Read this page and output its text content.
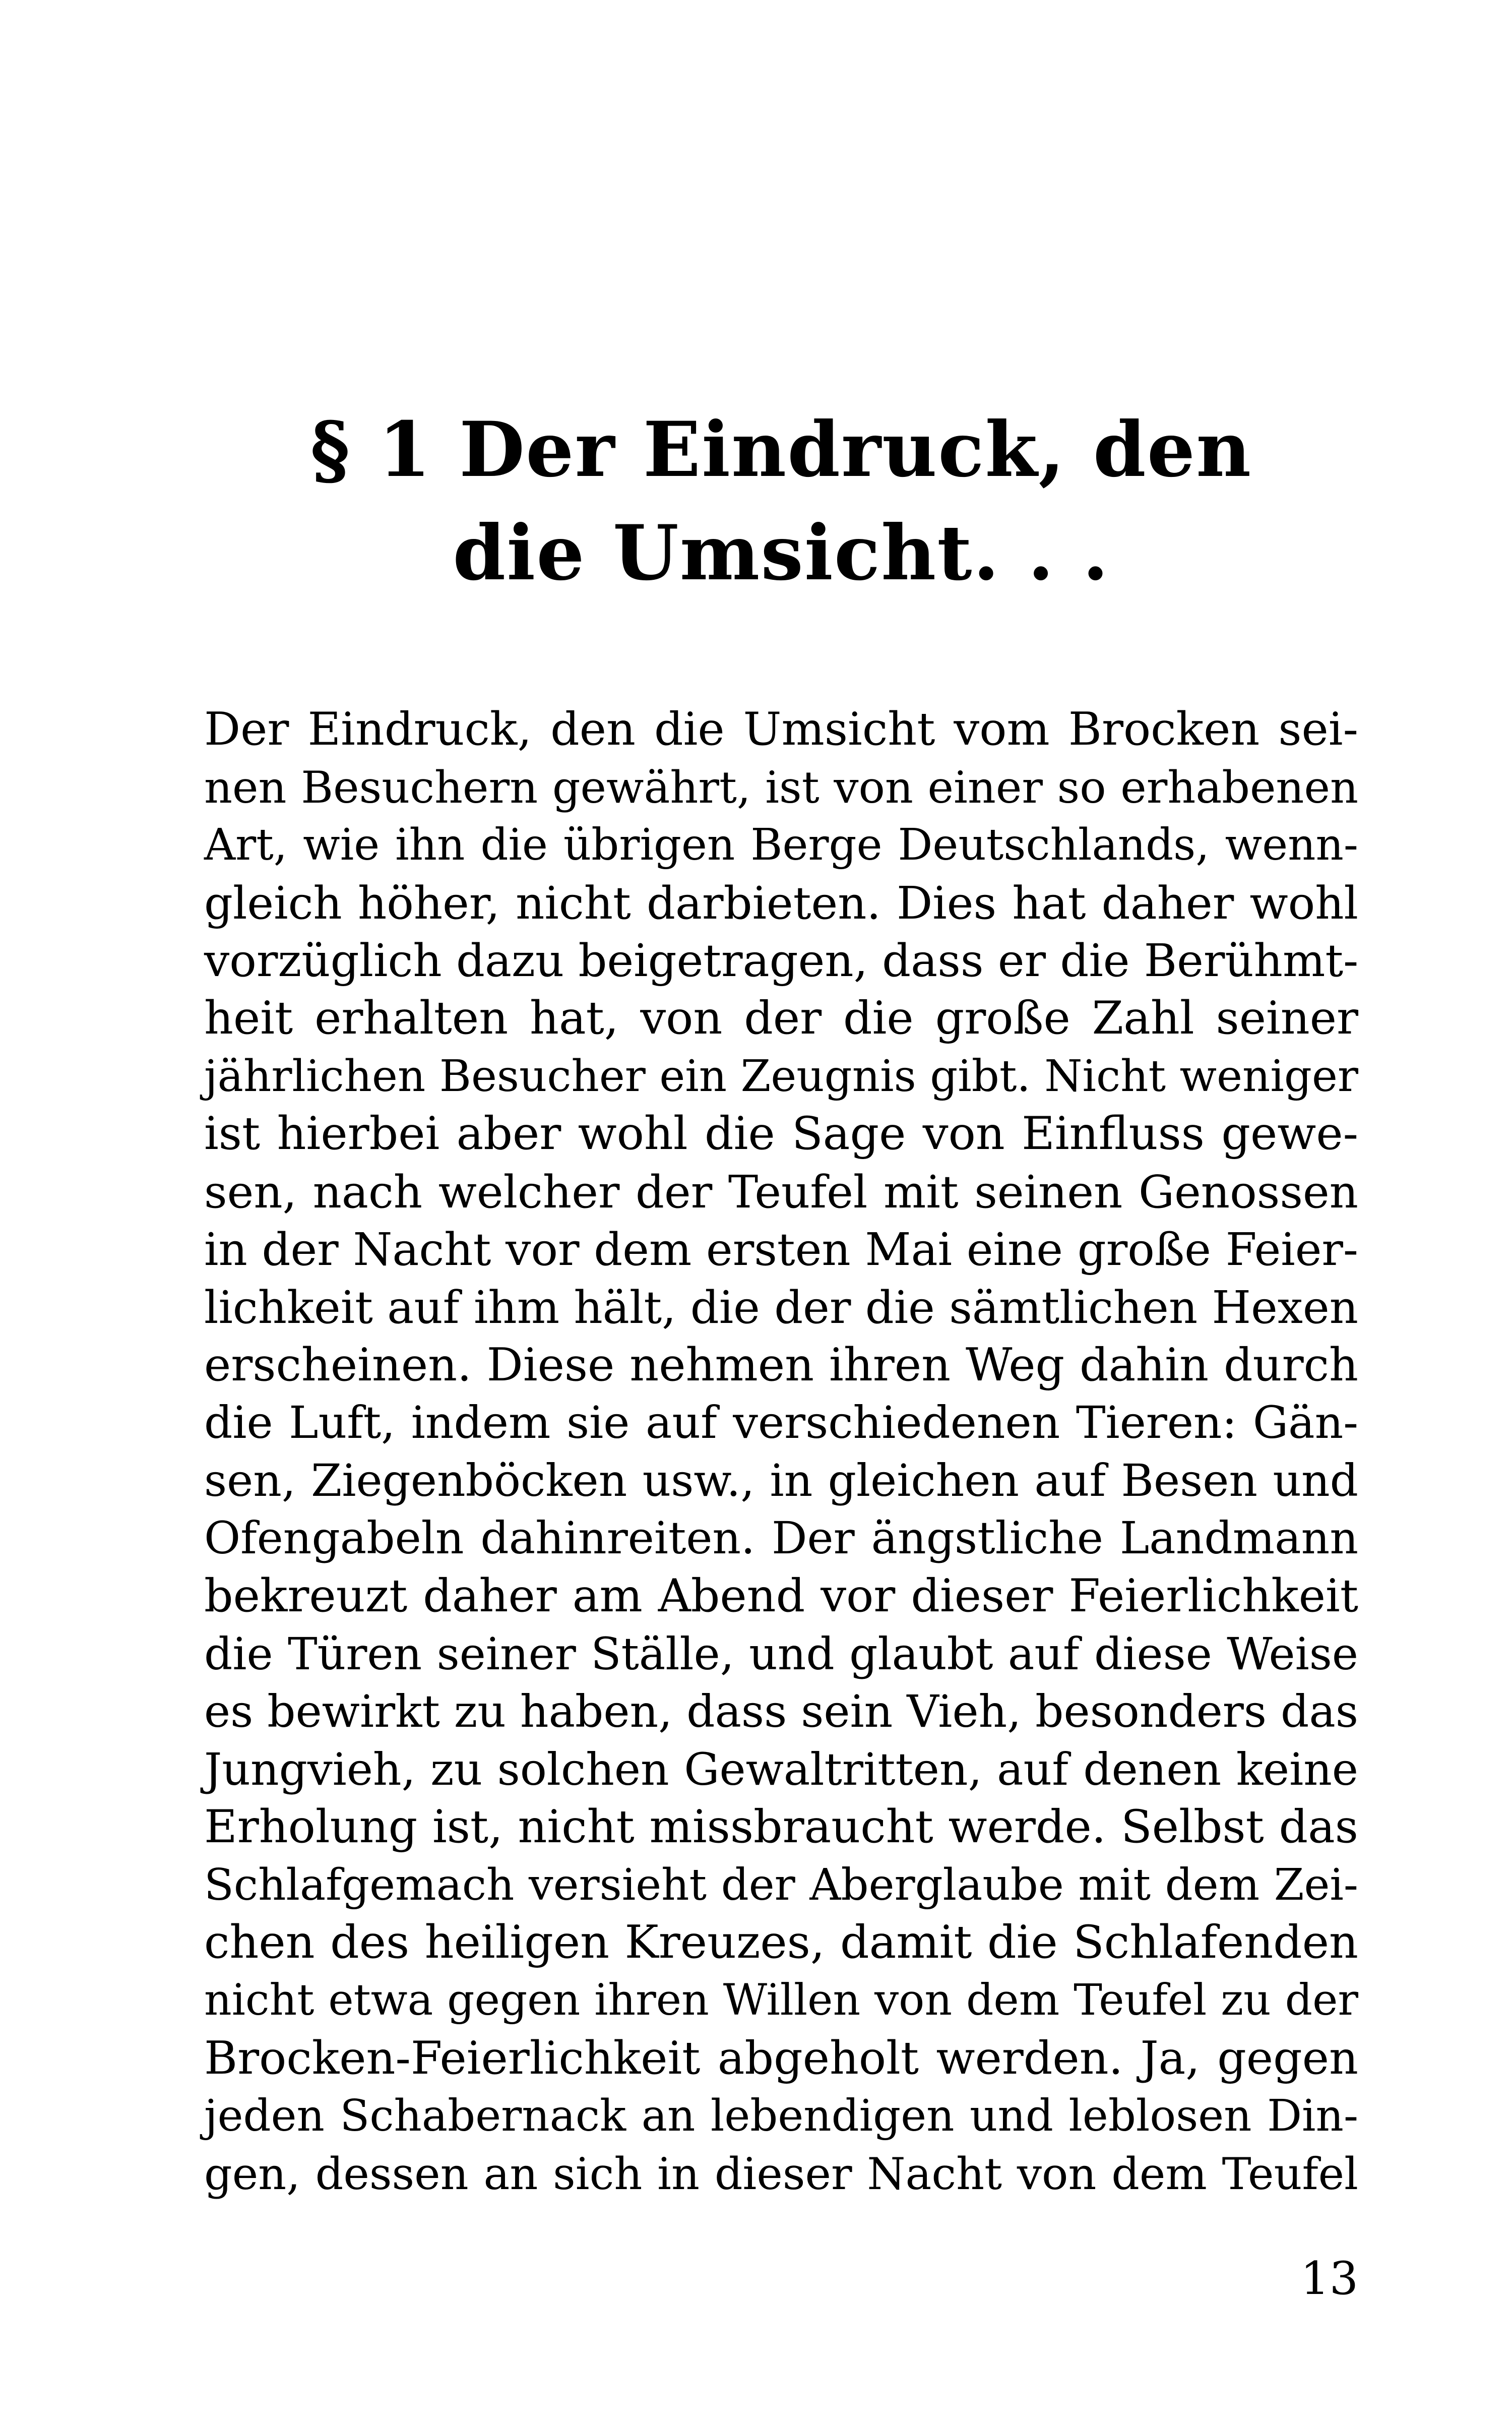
§ 1 Der Eindruck, den
die Umsicht. . .
Der Eindruck, den die Umsicht vom Brocken sei-
nen Besuchern gewährt, ist von einer so erhabenen
Art, wie ihn die übrigen Berge Deutschlands, wenn-
gleich höher, nicht darbieten. Dies hat daher wohl
vorzüglich dazu beigetragen, dass er die Berühmt-
heit erhalten hat, von der die große Zahl seiner
jährlichen Besucher ein Zeugnis gibt. Nicht weniger
ist hierbei aber wohl die Sage von Einfluss gewe-
sen, nach welcher der Teufel mit seinen Genossen
in der Nacht vor dem ersten Mai eine große Feier-
lichkeit auf ihm hält, die der die sämtlichen Hexen
erscheinen. Diese nehmen ihren Weg dahin durch
die Luft, indem sie auf verschiedenen Tieren: Gän-
sen, Ziegenböcken usw., in gleichen auf Besen und
Ofengabeln dahinreiten. Der ängstliche Landmann
bekreuzt daher am Abend vor dieser Feierlichkeit
die Türen seiner Ställe, und glaubt auf diese Weise
es bewirkt zu haben, dass sein Vieh, besonders das
Jungvieh, zu solchen Gewaltritten, auf denen keine
Erholung ist, nicht missbraucht werde. Selbst das
Schlafgemach versieht der Aberglaube mit dem Zei-
chen des heiligen Kreuzes, damit die Schlafenden
nicht etwa gegen ihren Willen von dem Teufel zu der
Brocken-Feierlichkeit abgeholt werden. Ja, gegen
jeden Schabernack an lebendigen und leblosen Din-
gen, dessen an sich in dieser Nacht von dem Teufel
13
